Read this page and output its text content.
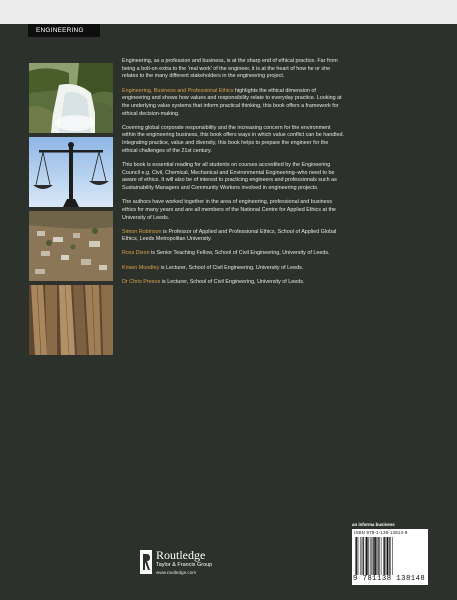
ENGINEERING

Engineering, as a profession and business, is at the sharp end of ethical practice. Far from being a bolt-on extra to the ‘real work’ of the engineer, it is at the heart of how he or she relates to the many different stakeholders in the engineering project.

Engineering, Business and Professional Ethics highlights the ethical dimension of engineering and shows how values and responsibility relate to everyday practice. Looking at the underlying value systems that inform practical thinking, this book offers a framework for ethical decision-making.

Covering global corporate responsibility and the increasing concern for the environment within the engineering business, this book offers ways in which value conflict can be handled. Integrating practice, value and diversity, this book helps to prepare the engineer for the ethical challenges of the 21st century.

This book is essential reading for all students on courses accredited by the Engineering Council e.g. Civil, Chemical, Mechanical and Environmental Engineering–who need to be aware of ethics. It will also be of interest to practicing engineers and professionals such as Sustainability Managers and Community Workers involved in engineering projects.

The authors have worked together in the area of engineering, professional and business ethics for many years and are all members of the National Centre for Applied Ethics at the University of Leeds.

Simon Robinson is Professor of Applied and Professional Ethics, School of Applied Global Ethics, Leeds Metropolitan University.

Ross Dixon is Senior Teaching Fellow, School of Civil Engineering, University of Leeds.

Krisen Moodley is Lecturer, School of Civil Engineering, University of Leeds.

Dr Chris Preece is Lecturer, School of Civil Engineering, University of Leeds.

Routledge
Taylor & Francis Group
www.routledge.com
an informa business
ISBN 978-1-138-13814-8
9 781138 138148
